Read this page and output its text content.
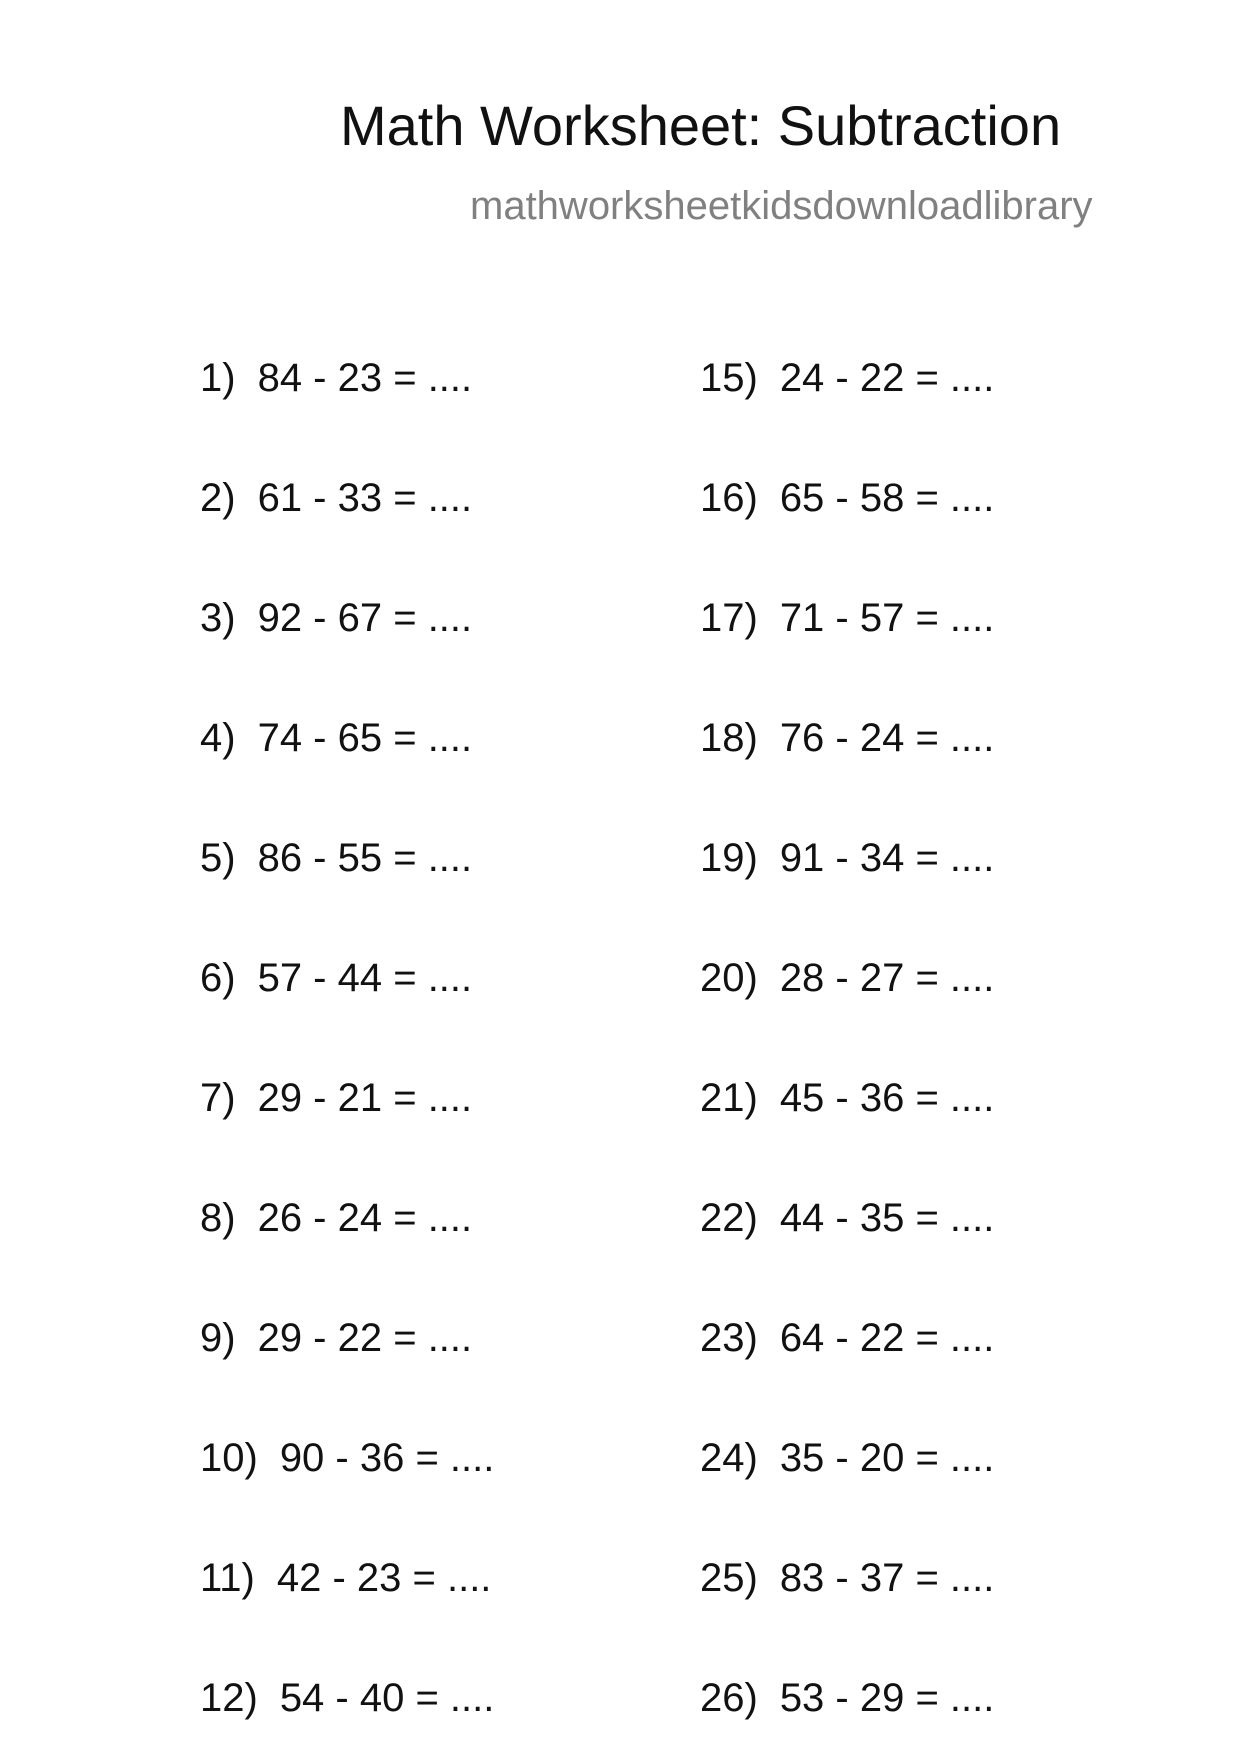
Math Worksheet: Subtraction
mathworksheetkidsdownloadlibrary
1) 84 - 23 = ....
2) 61 - 33 = ....
3) 92 - 67 = ....
4) 74 - 65 = ....
5) 86 - 55 = ....
6) 57 - 44 = ....
7) 29 - 21 = ....
8) 26 - 24 = ....
9) 29 - 22 = ....
10) 90 - 36 = ....
11) 42 - 23 = ....
12) 54 - 40 = ....
15) 24 - 22 = ....
16) 65 - 58 = ....
17) 71 - 57 = ....
18) 76 - 24 = ....
19) 91 - 34 = ....
20) 28 - 27 = ....
21) 45 - 36 = ....
22) 44 - 35 = ....
23) 64 - 22 = ....
24) 35 - 20 = ....
25) 83 - 37 = ....
26) 53 - 29 = ....
